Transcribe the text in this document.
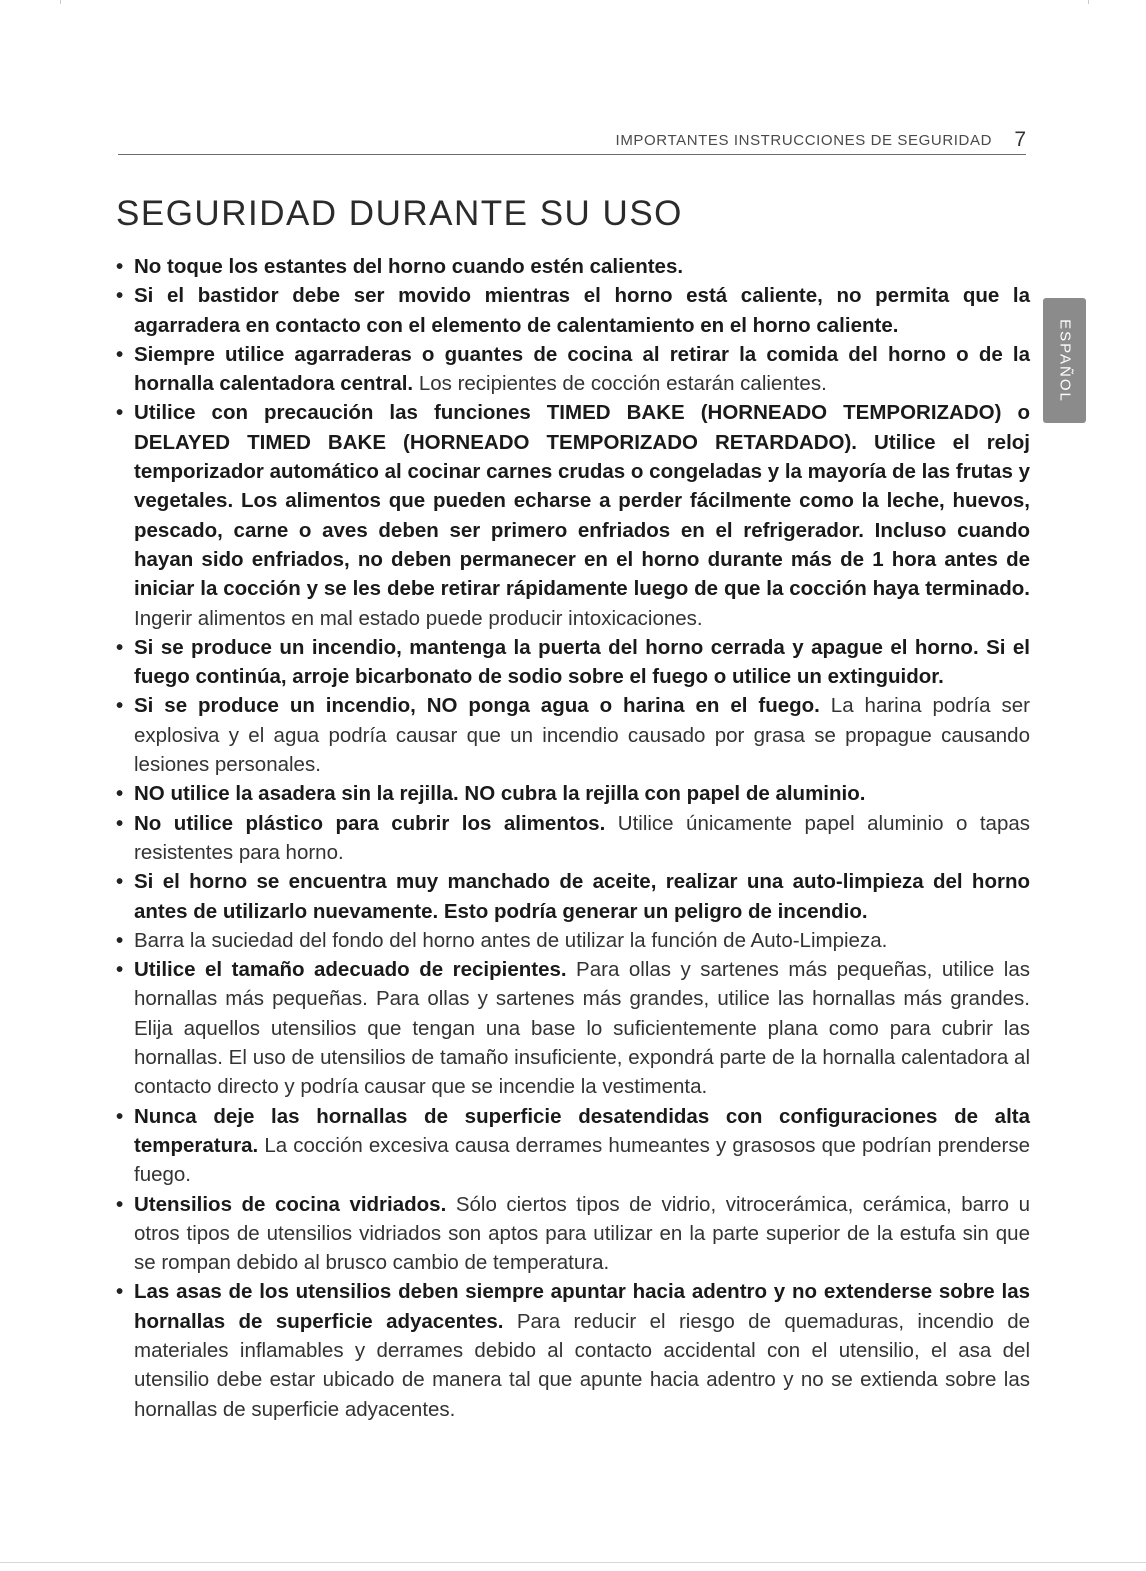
IMPORTANTES INSTRUCCIONES DE SEGURIDAD 7
SEGURIDAD DURANTE SU USO
ESPAÑOL
• No toque los estantes del horno cuando estén calientes.
• Si el bastidor debe ser movido mientras el horno está caliente, no permita que la agarradera en contacto con el elemento de calentamiento en el horno caliente.
• Siempre utilice agarraderas o guantes de cocina al retirar la comida del horno o de la hornalla calentadora central. Los recipientes de cocción estarán calientes.
• Utilice con precaución las funciones TIMED BAKE (HORNEADO TEMPORIZADO) o DELAYED TIMED BAKE (HORNEADO TEMPORIZADO RETARDADO). Utilice el reloj temporizador automático al cocinar carnes crudas o congeladas y la mayoría de las frutas y vegetales. Los alimentos que pueden echarse a perder fácilmente como la leche, huevos, pescado, carne o aves deben ser primero enfriados en el refrigerador. Incluso cuando hayan sido enfriados, no deben permanecer en el horno durante más de 1 hora antes de iniciar la cocción y se les debe retirar rápidamente luego de que la cocción haya terminado. Ingerir alimentos en mal estado puede producir intoxicaciones.
• Si se produce un incendio, mantenga la puerta del horno cerrada y apague el horno. Si el fuego continúa, arroje bicarbonato de sodio sobre el fuego o utilice un extinguidor.
• Si se produce un incendio, NO ponga agua o harina en el fuego. La harina podría ser explosiva y el agua podría causar que un incendio causado por grasa se propague causando lesiones personales.
• NO utilice la asadera sin la rejilla. NO cubra la rejilla con papel de aluminio.
• No utilice plástico para cubrir los alimentos. Utilice únicamente papel aluminio o tapas resistentes para horno.
• Si el horno se encuentra muy manchado de aceite, realizar una auto-limpieza del horno antes de utilizarlo nuevamente. Esto podría generar un peligro de incendio.
• Barra la suciedad del fondo del horno antes de utilizar la función de Auto-Limpieza.
• Utilice el tamaño adecuado de recipientes. Para ollas y sartenes más pequeñas, utilice las hornallas más pequeñas. Para ollas y sartenes más grandes, utilice las hornallas más grandes. Elija aquellos utensilios que tengan una base lo suficientemente plana como para cubrir las hornallas. El uso de utensilios de tamaño insuficiente, expondrá parte de la hornalla calentadora al contacto directo y podría causar que se incendie la vestimenta.
• Nunca deje las hornallas de superficie desatendidas con configuraciones de alta temperatura. La cocción excesiva causa derrames humeantes y grasosos que podrían prenderse fuego.
• Utensilios de cocina vidriados. Sólo ciertos tipos de vidrio, vitrocerámica, cerámica, barro u otros tipos de utensilios vidriados son aptos para utilizar en la parte superior de la estufa sin que se rompan debido al brusco cambio de temperatura.
• Las asas de los utensilios deben siempre apuntar hacia adentro y no extenderse sobre las hornallas de superficie adyacentes. Para reducir el riesgo de quemaduras, incendio de materiales inflamables y derrames debido al contacto accidental con el utensilio, el asa del utensilio debe estar ubicado de manera tal que apunte hacia adentro y no se extienda sobre las hornallas de superficie adyacentes.
